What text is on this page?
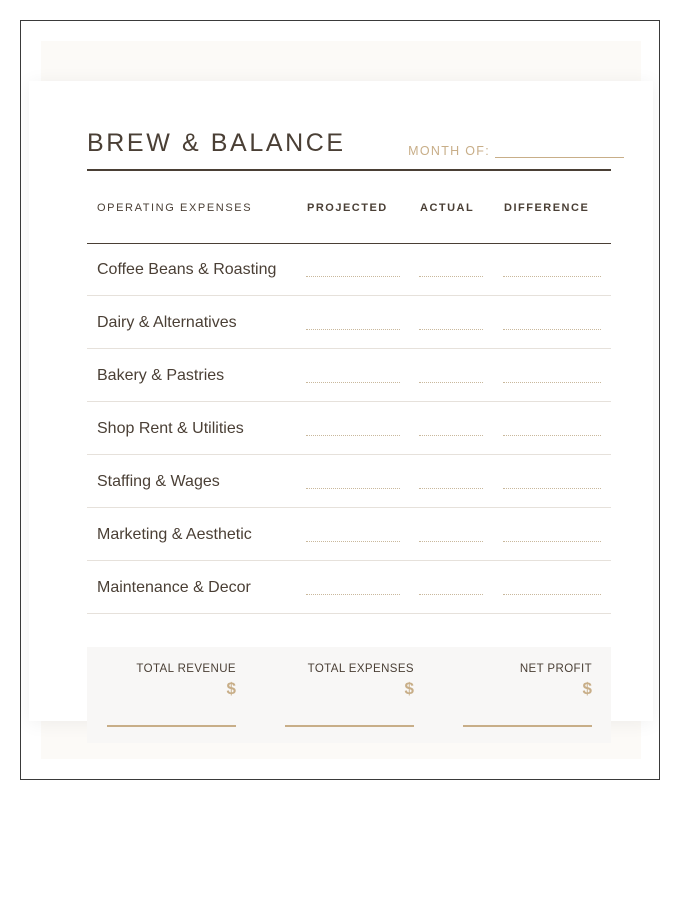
BREW & BALANCE	MONTH OF:
OPERATING EXPENSES	PROJECTED	ACTUAL	DIFFERENCE
Coffee Beans & Roasting
Dairy & Alternatives
Bakery & Pastries
Shop Rent & Utilities
Staffing & Wages
Marketing & Aesthetic
Maintenance & Decor
TOTAL REVENUE
$
TOTAL EXPENSES
$
NET PROFIT
$
